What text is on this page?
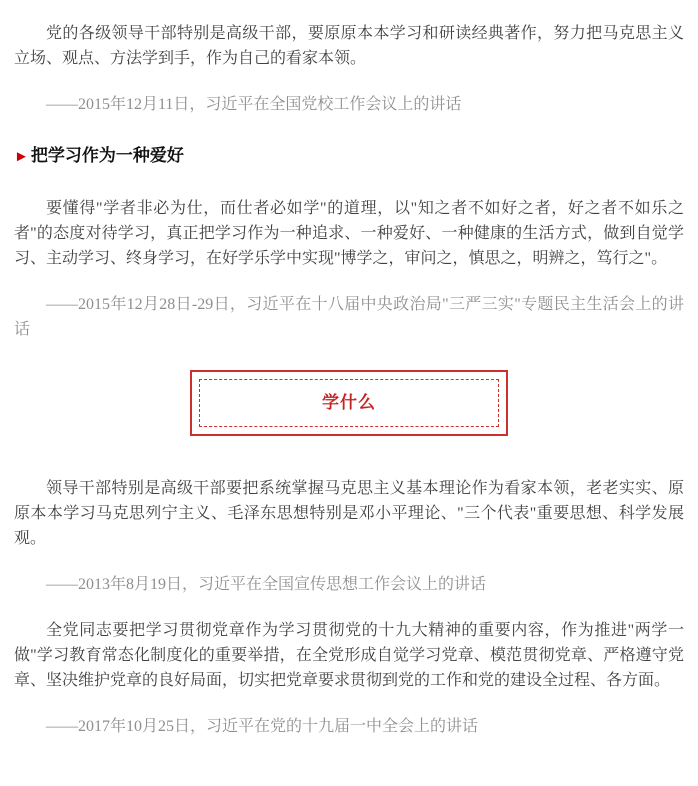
党的各级领导干部特别是高级干部，要原原本本学习和研读经典著作，努力把马克思主义立场、观点、方法学到手，作为自己的看家本领。

——2015年12月11日，习近平在全国党校工作会议上的讲话

► 把学习作为一种爱好

要懂得"学者非必为仕，而仕者必如学"的道理，以"知之者不如好之者，好之者不如乐之者"的态度对待学习，真正把学习作为一种追求、一种爱好、一种健康的生活方式，做到自觉学习、主动学习、终身学习，在好学乐学中实现"博学之，审问之，慎思之，明辨之，笃行之"。

——2015年12月28日-29日，习近平在十八届中央政治局"三严三实"专题民主生活会上的讲话

学什么

领导干部特别是高级干部要把系统掌握马克思主义基本理论作为看家本领，老老实实、原原本本学习马克思列宁主义、毛泽东思想特别是邓小平理论、"三个代表"重要思想、科学发展观。

——2013年8月19日，习近平在全国宣传思想工作会议上的讲话

全党同志要把学习贯彻党章作为学习贯彻党的十九大精神的重要内容，作为推进"两学一做"学习教育常态化制度化的重要举措，在全党形成自觉学习党章、模范贯彻党章、严格遵守党章、坚决维护党章的良好局面，切实把党章要求贯彻到党的工作和党的建设全过程、各方面。

——2017年10月25日，习近平在党的十九届一中全会上的讲话
